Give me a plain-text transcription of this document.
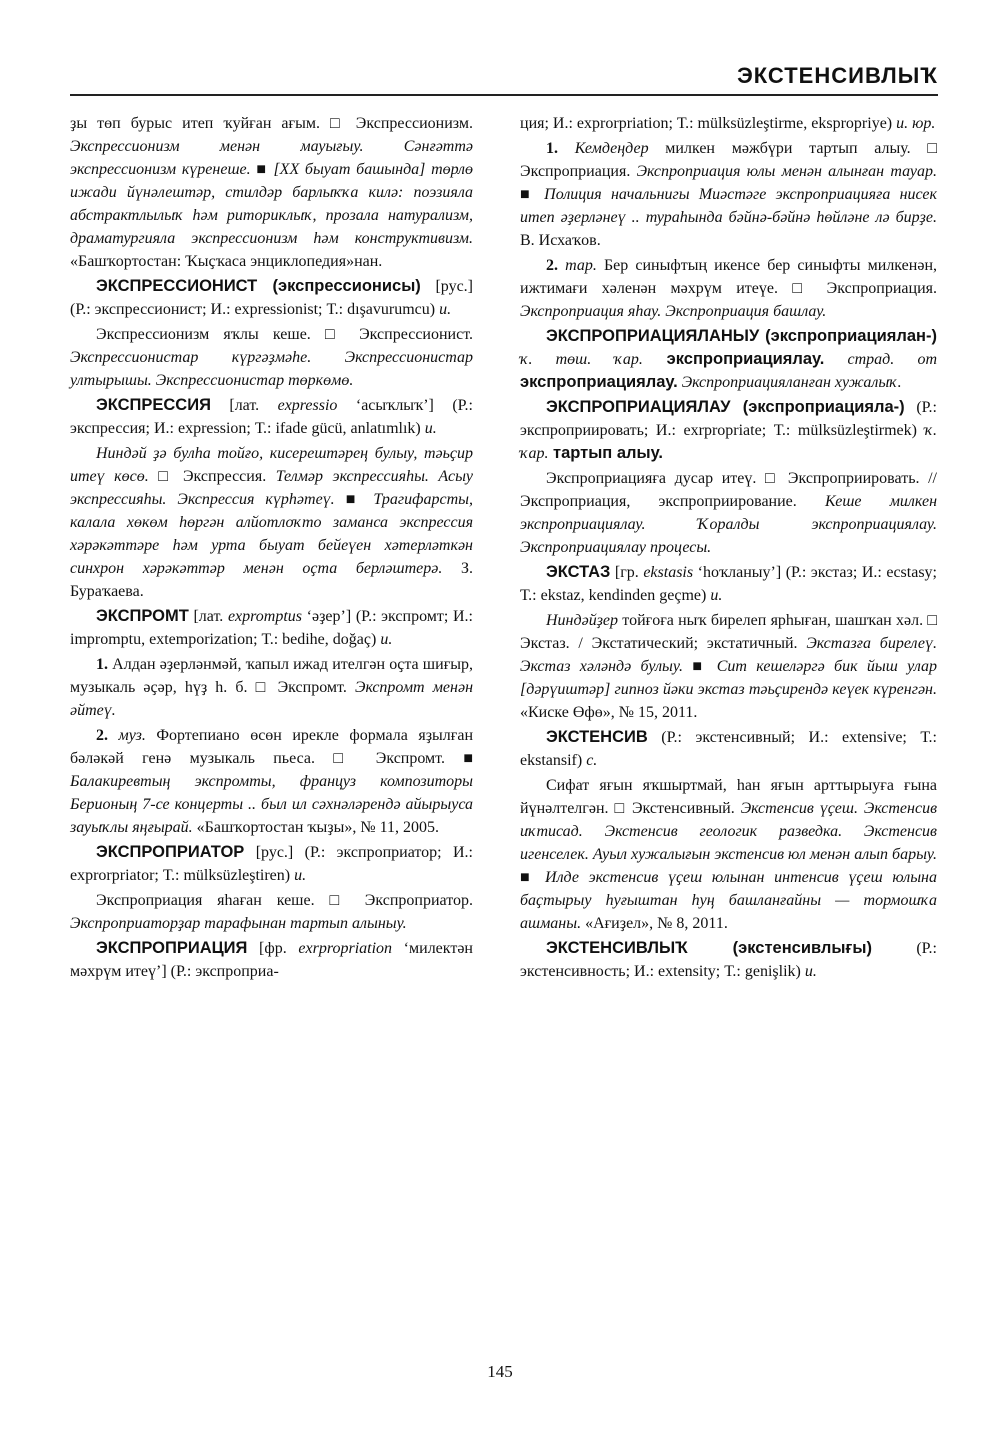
ЭКСТЕНСИВЛЫҠ

ҙы төп бурыс итеп ҡуйған ағым. □ Экспрессионизм. Экспрессионизм менән мауығыу. Сәнғәттә экспрессионизм күренеше. ■ [XX быуат башында] төрлө ижади йүнәлештәр, стилдәр барлыҡҡа килә: поэзияла абстрактлылыҡ һәм риториклыҡ, прозала натурализм, драматургияла экспрессионизм һәм конструктивизм. «Башҡортостан: Ҡыҫҡаса энциклопедия»нан.

ЭКСПРЕССИОНИСТ (экспрессионисы) [рус.] (Р.: экспрессионист; И.: expressionist; Т.: dışavurumcu) и.

Экспрессионизм яҡлы кеше. □ Экспрессионист. Экспрессионистар күргәҙмәһе. Экспрессионистар ултырышы. Экспрессионистар төркөмө.

ЭКСПРЕССИЯ [лат. expressio ‘асыҡлыҡ’] (Р.: экспрессия; И.: expression; Т.: ifade gücü, anlatımlık) и.

Ниндәй ҙә булһа тойғо, кисерештәрең булыу, тәьҫир итеү көсө. □ Экспрессия. Телмәр экспрессияһы. Асыу экспрессияһы. Экспрессия күрһәтеү. ■ Трагифарсты, калала хөкөм һөргән алйотлоҡто заманса экспрессия хәрәкәттәре һәм урта быуат бейеүен хәтерләткән синхрон хәрәкәттәр менән оҫта берләштерә. З. Бураҡаева.

ЭКСПРОМТ [лат. expromptus ‘әҙер’] (Р.: экспромт; И.: impromptu, extemporization; Т.: bedihe, doğaç) и.

1. Алдан әҙерләнмәй, ҡапыл ижад ителгән оҫта шиғыр, музыкаль әҫәр, һүҙ һ. б. □ Экспромт. Экспромт менән әйтеү.

2. муз. Фортепиано өсөн ирекле формала яҙылған бәләкәй генә музыкаль пьеса. □ Экспромт. ■ Балакиревтың экспромты, француз композиторы Берионың 7-се концерты .. был ил сәхнәләрендә айырыуса зауыҡлы яңғырай. «Башҡортостан ҡыҙы», № 11, 2005.

ЭКСПРОПРИАТОР [рус.] (Р.: экспроприатор; И.: exprorpriator; Т.: mülksüzleştiren) и.

Экспроприация яһаған кеше. □ Экспроприатор. Экспроприаторҙар тарафынан тартып алыныу.

ЭКСПРОПРИАЦИЯ [фр. exrpropriation ‘милектән мәхрүм итеү’] (Р.: экспроприа-

ция; И.: exprorpriation; Т.: mülksüzleştirme, ekspropriye) и. юр.

1. Кемдеңдер милкен мәжбүри тартып алыу. □ Экспроприация. Экспроприация юлы менән алынған тауар. ■ Полиция начальнигы Миәстәге экспроприацияға нисек итеп әҙерләнеү .. тураһында бәйнә-бәйнә һөйләне лә бирҙе. В. Исхаҡов.

2. тар. Бер синыфтың икенсе бер синыфты милкенән, ижтимағи хәленән мәхрүм итеүе. □ Экспроприация. Экспроприация яһау. Экспроприация башлау.

ЭКСПРОПРИАЦИЯЛАНЫУ (экспроприациялан-) ҡ. төш. ҡар. экспроприациялау. страд. от экспроприациялау. Экспроприацияланған хужалыҡ.

ЭКСПРОПРИАЦИЯЛАУ (экспроприацияла-) (Р.: экспроприировать; И.: exrpropriate; Т.: mülksüzleştirmek) ҡ. ҡар. тартып алыу.

Экспроприацияға дусар итеү. □ Экспроприировать. // Экспроприация, экспроприирование. Кеше милкен экспроприациялау. Ҡоралды экспроприациялау. Экспроприациялау процесы.

ЭКСТАЗ [гр. ekstasis ‘һоҡланыу’] (Р.: экстаз; И.: ecstasy; Т.: ekstaz, kendinden geçme) и.

Ниндәйҙер тойғоға ныҡ бирелеп ярһыған, шашҡан хәл. □ Экстаз. / Экстатический; экстатичный. Экстазға бирелеү. Экстаз хәләндә булыу. ■ Сит кешеләргә бик йыш улар [дәрүиштәр] гипноз йәки экстаз тәьҫирендә кеүек күренгән. «Киске Өфө», № 15, 2011.

ЭКСТЕНСИВ (Р.: экстенсивный; И.: extensive; Т.: ekstansif) с.

Сифат яғын яҡшыртмай, һан яғын арттырыуға ғына йүнәлтелгән. □ Экстенсивный. Экстенсив үҫеш. Экстенсив иҡтисад. Экстенсив геологик разведка. Экстенсив игенселек. Ауыл хужалығын экстенсив юл менән алып барыу. ■ Илде экстенсив үҫеш юлынан интенсив үҫеш юлына баҫтырыу һуғыштан һуң башланғайны — тормошҡа ашманы. «Ағиҙел», № 8, 2011.

ЭКСТЕНСИВЛЫҠ (экстенсивлығы) (Р.: экстенсивность; И.: extensity; Т.: genişlik) и.

145
